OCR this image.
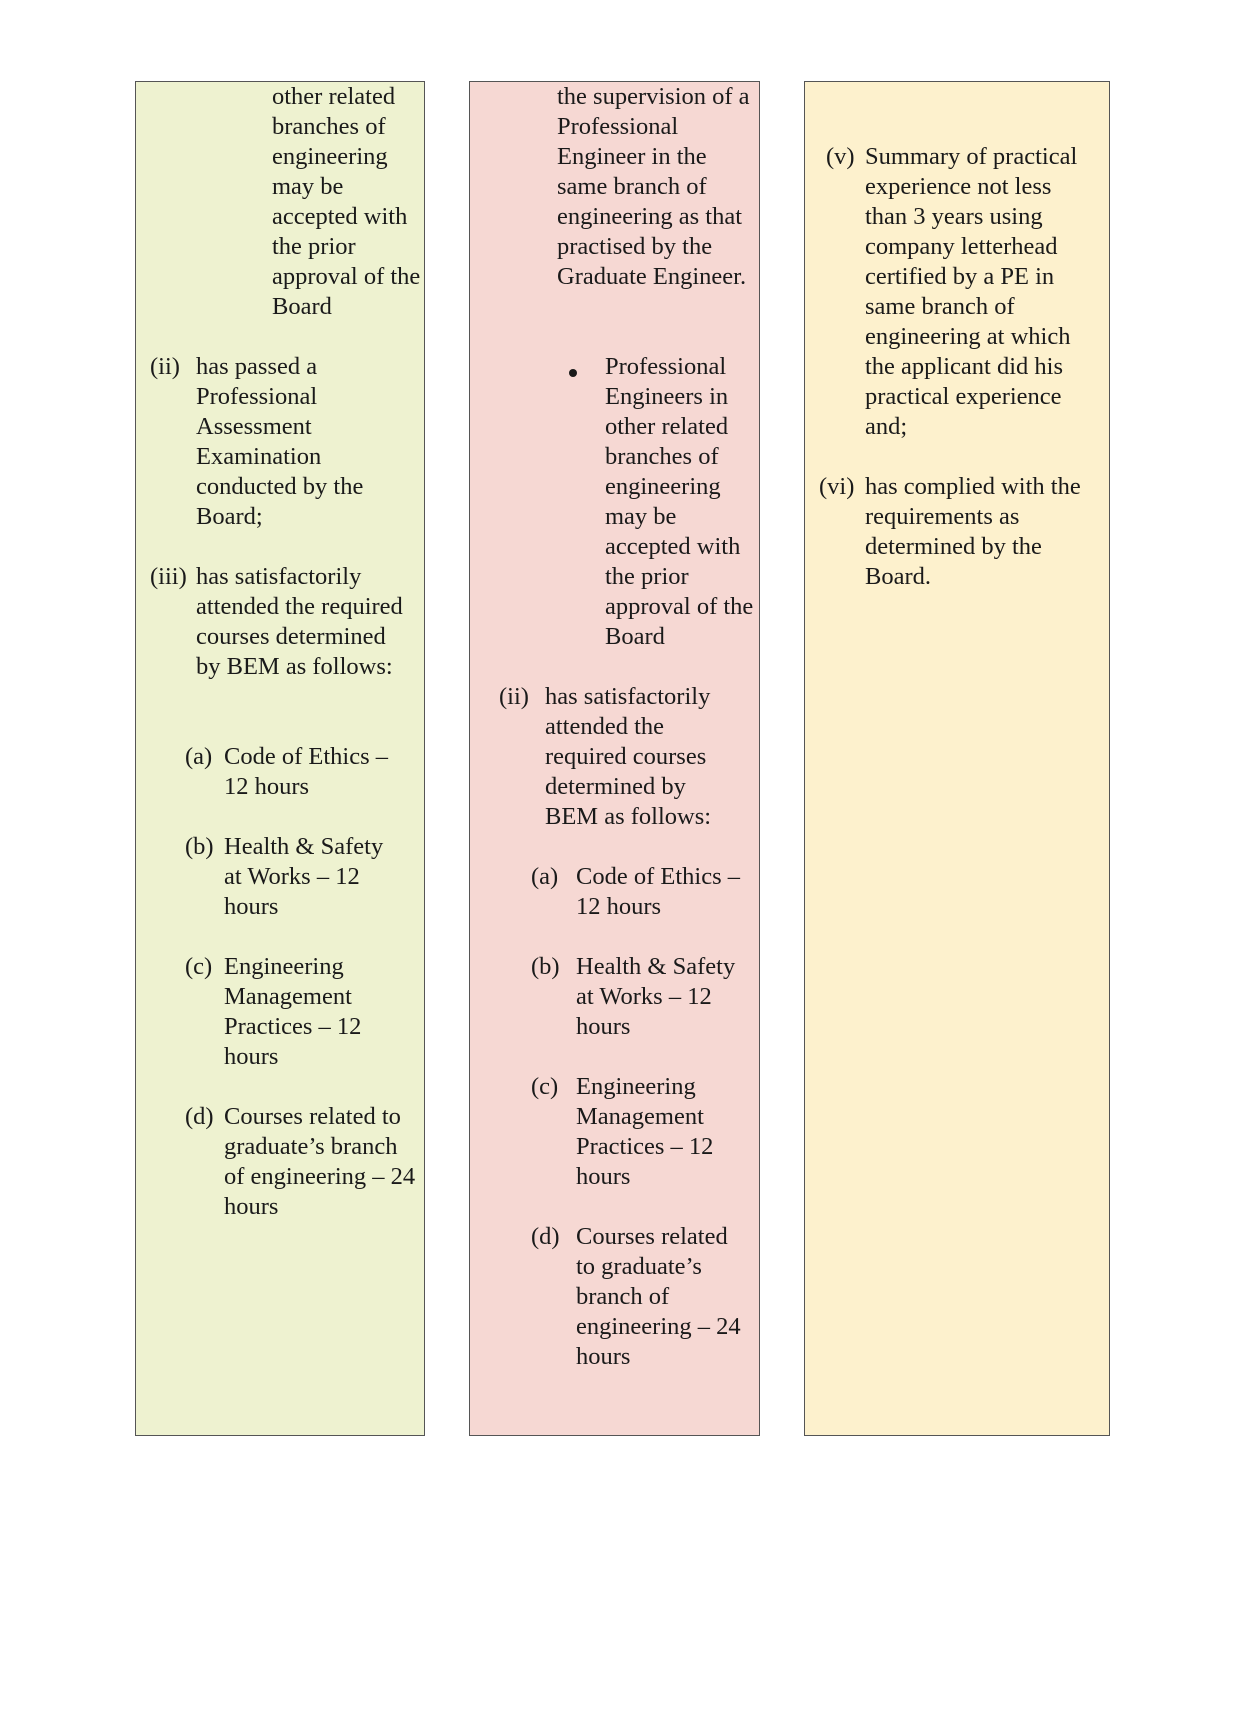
other related branches of engineering may be accepted with the prior approval of the Board

(ii) has passed a Professional Assessment Examination conducted by the Board;

(iii) has satisfactorily attended the required courses determined by BEM as follows:

(a) Code of Ethics – 12 hours

(b) Health & Safety at Works – 12 hours

(c) Engineering Management Practices – 12 hours

(d) Courses related to graduate’s branch of engineering – 24 hours

the supervision of a Professional Engineer in the same branch of engineering as that practised by the Graduate Engineer.

Professional Engineers in other related branches of engineering may be accepted with the prior approval of the Board

(ii) has satisfactorily attended the required courses determined by BEM as follows:

(a) Code of Ethics – 12 hours

(b) Health & Safety at Works – 12 hours

(c) Engineering Management Practices – 12 hours

(d) Courses related to graduate’s branch of engineering – 24 hours

(v) Summary of practical experience not less than 3 years using company letterhead certified by a PE in same branch of engineering at which the applicant did his practical experience and;

(vi) has complied with the requirements as determined by the Board.
